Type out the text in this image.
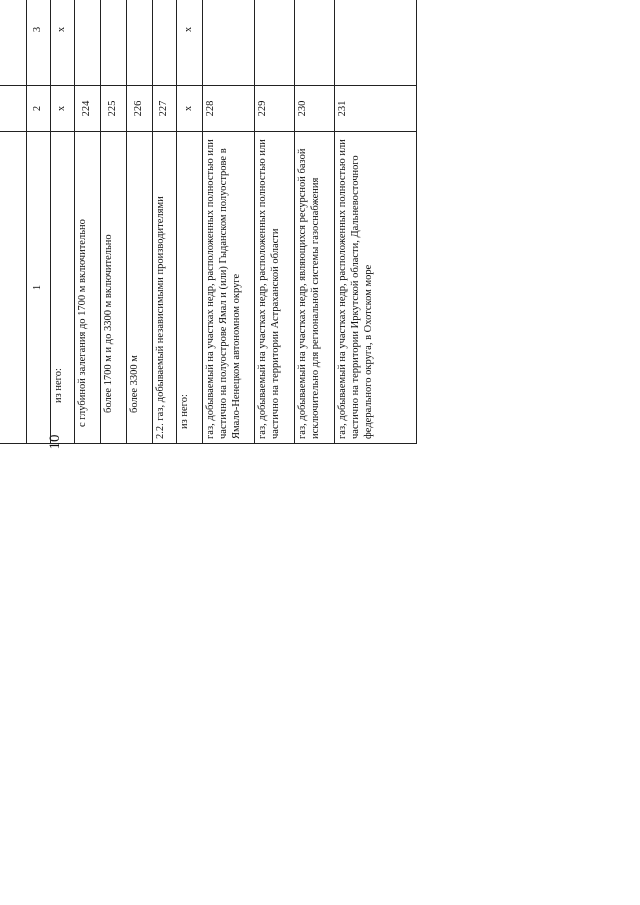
10

1	2	3		
из него:	х	х		
с глубиной залегания до 1700 м включительно	224			
более 1700 м и до 3300 м включительно	225			
более 3300 м	226			
2.2. газ, добываемый независимыми производителями	227			
из него:	х	х		
газ, добываемый на участках недр, расположенных полностью или частично на полуострове Ямал и (или) Гыданском полуострове в Ямало-Ненецком автономном округе	228			
газ, добываемый на участках недр, расположенных полностью или частично на территории Астраханской области	229			
газ, добываемый на участках недр, являющихся ресурсной базой исключительно для региональной системы газоснабжения	230			
газ, добываемый на участках недр, расположенных полностью или частично на территории Иркутской области, Дальневосточного федерального округа, в Охотском море	231			
